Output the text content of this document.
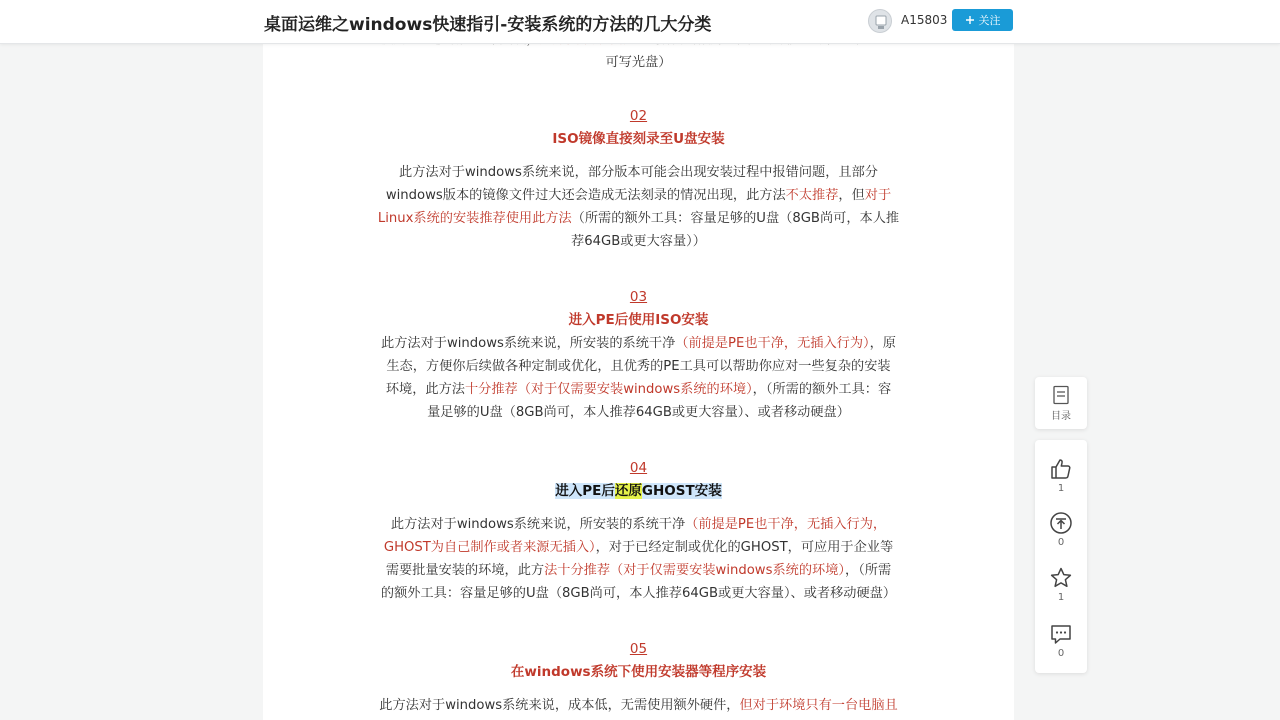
桌面运维之windows快速指引-安装系统的方法的几大分类	A15803	关注

可写光盘）

02
ISO镜像直接刻录至U盘安装

此方法对于windows系统来说，部分版本可能会出现安装过程中报错问题，且部分
windows版本的镜像文件过大还会造成无法刻录的情况出现，此方法不太推荐，但对于
Linux系统的安装推荐使用此方法（所需的额外工具：容量足够的U盘（8GB尚可，本人推
荐64GB或更大容量））

03
进入PE后使用ISO安装

此方法对于windows系统来说，所安装的系统干净（前提是PE也干净，无插入行为），原
生态，方便你后续做各种定制或优化，且优秀的PE工具可以帮助你应对一些复杂的安装
环境，此方法十分推荐（对于仅需要安装windows系统的环境），（所需的额外工具：容
量足够的U盘（8GB尚可，本人推荐64GB或更大容量）、或者移动硬盘）

04
进入PE后还原GHOST安装

此方法对于windows系统来说，所安装的系统干净（前提是PE也干净，无插入行为，
GHOST为自己制作或者来源无插入），对于已经定制或优化的GHOST，可应用于企业等
需要批量安装的环境，此方法十分推荐（对于仅需要安装windows系统的环境），（所需
的额外工具：容量足够的U盘（8GB尚可，本人推荐64GB或更大容量）、或者移动硬盘）

05
在windows系统下使用安装器等程序安装

此方法对于windows系统来说，成本低，无需使用额外硬件，但对于环境只有一台电脑且

目录
1
0
1
0
